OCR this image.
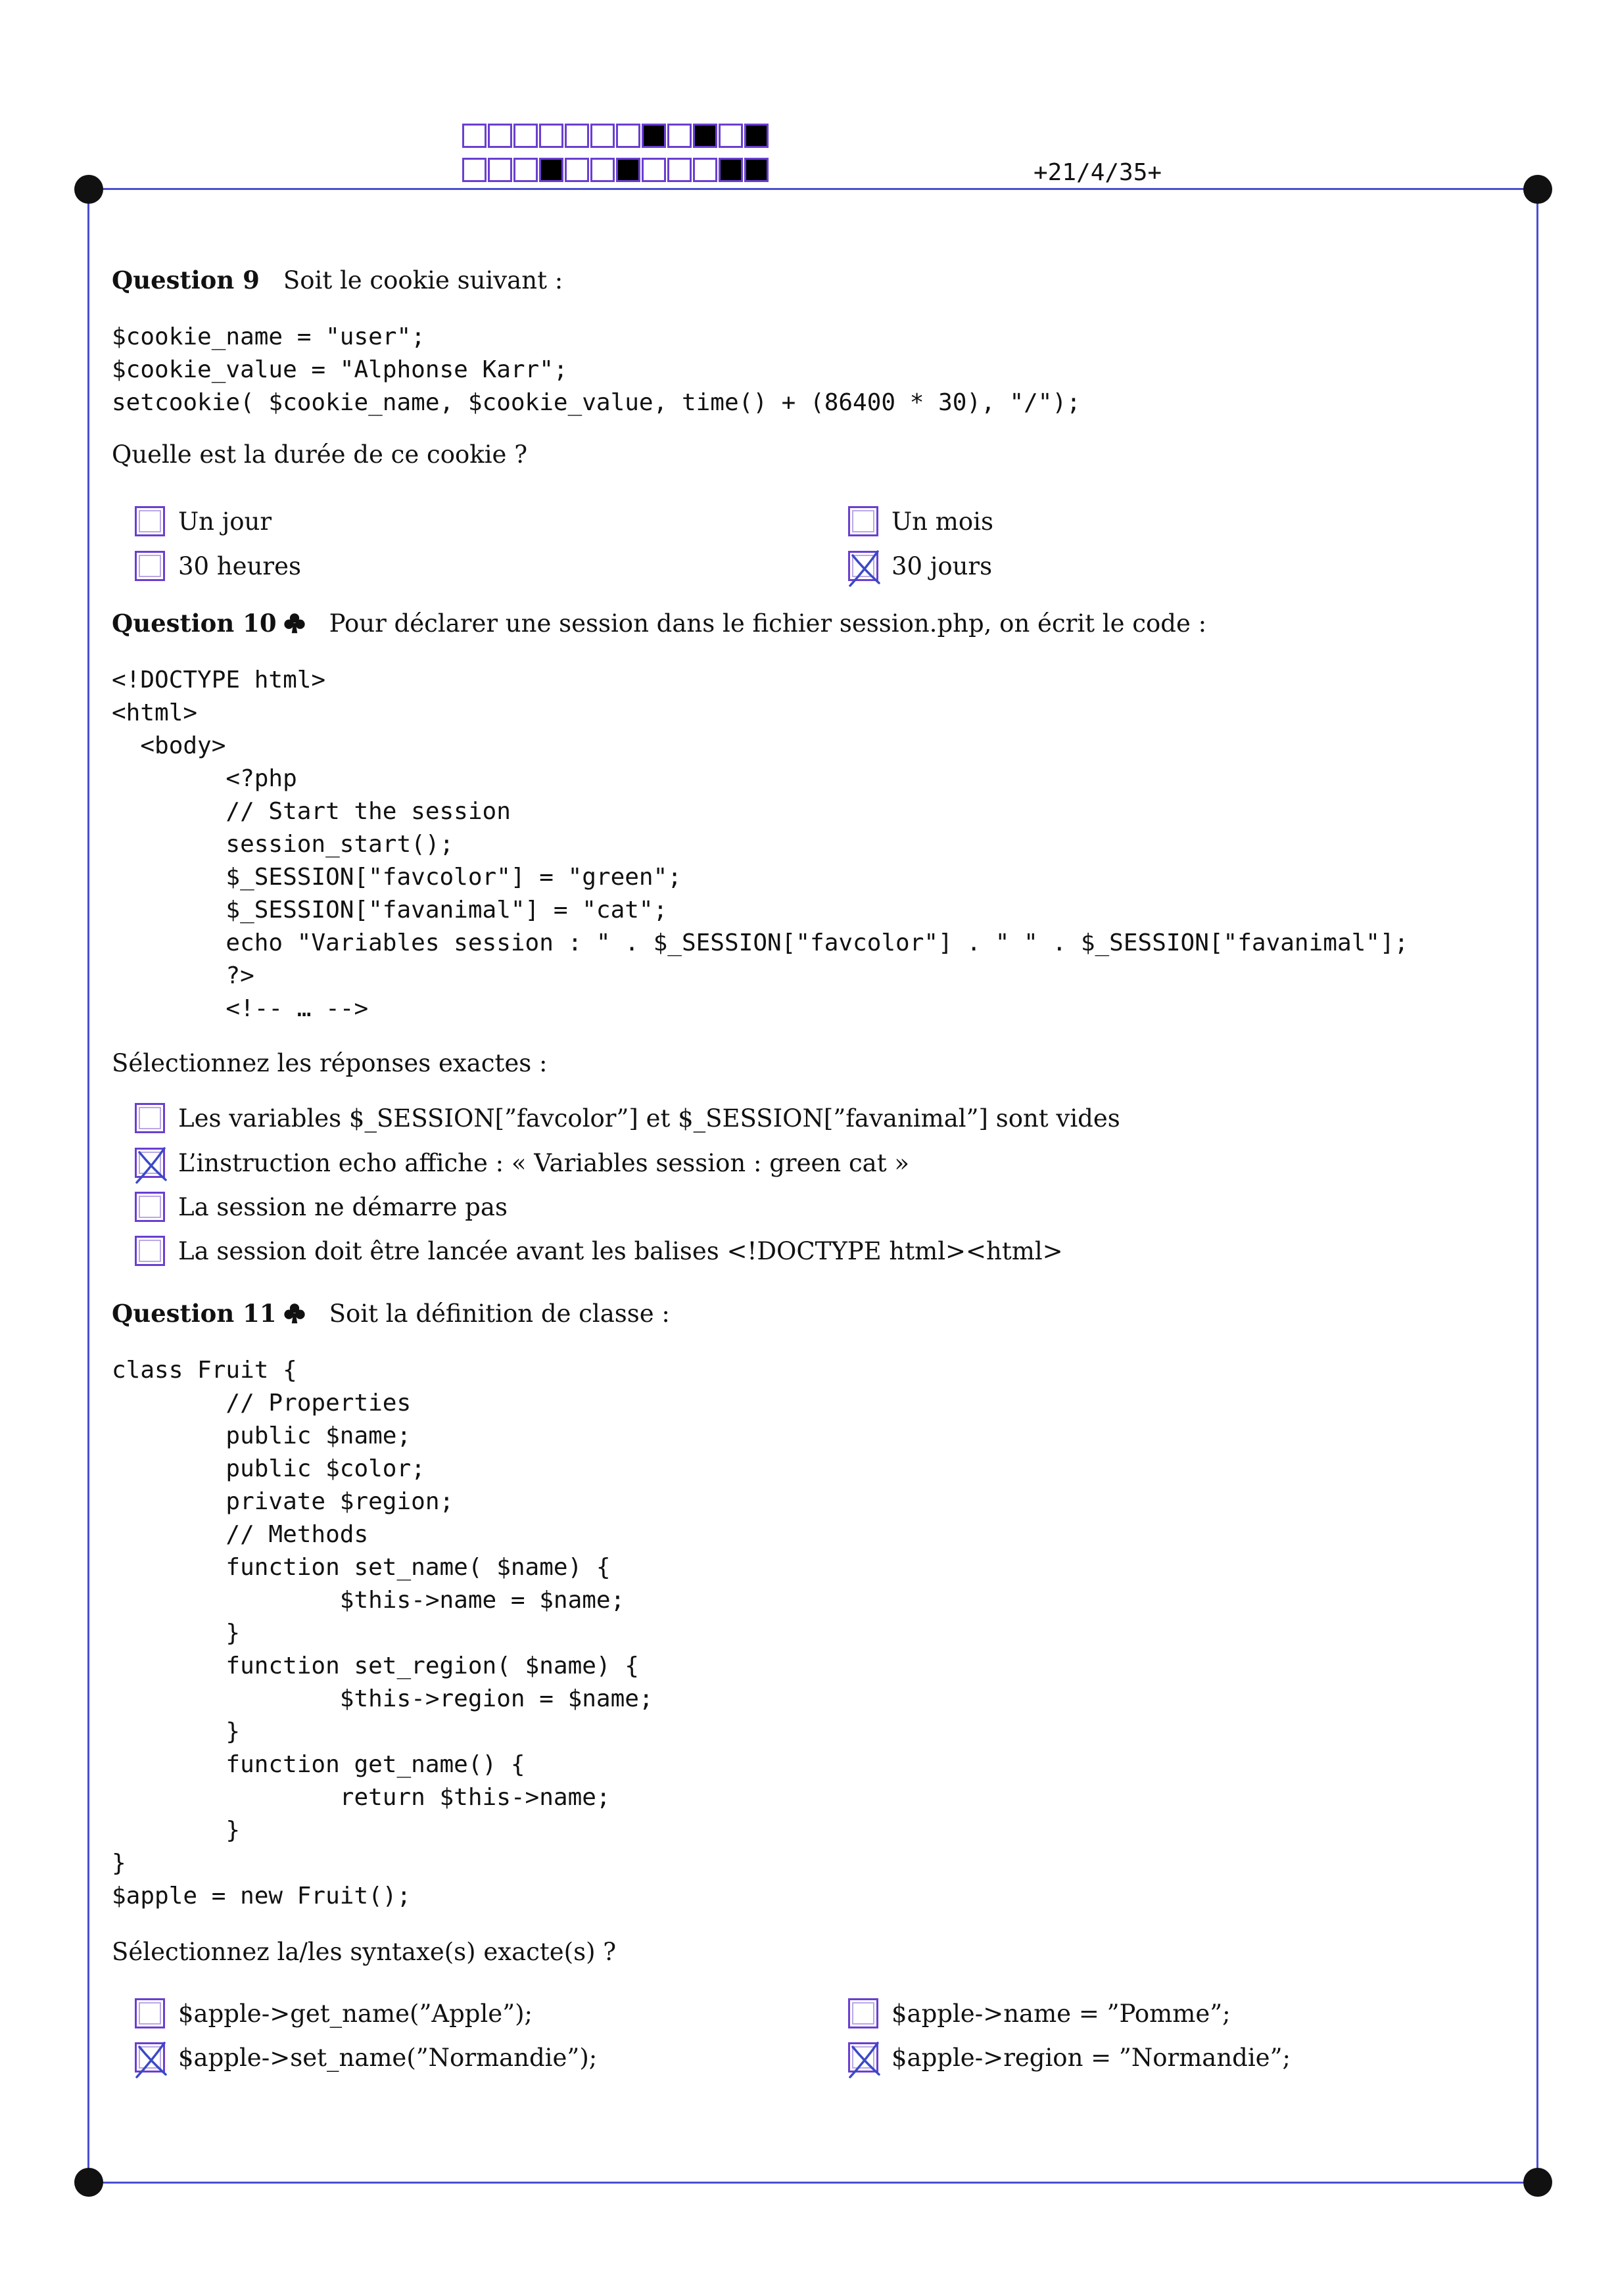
+21/4/35+
Question 9 Soit le cookie suivant :
$cookie_name = "user";
$cookie_value = "Alphonse Karr";
setcookie( $cookie_name, $cookie_value, time() + (86400 * 30), "/");
Quelle est la durée de ce cookie ?
Un jour	Un mois
30 heures	30 jours
Question 10 Pour déclarer une session dans le fichier session.php, on écrit le code :
<!DOCTYPE html>
<html>
<body>
<?php
// Start the session
session_start();
$_SESSION["favcolor"] = "green";
$_SESSION["favanimal"] = "cat";
echo "Variables session : " . $_SESSION["favcolor"] . " " . $_SESSION["favanimal"];
?>
<!-- … -->
Sélectionnez les réponses exactes :
Les variables $_SESSION[”favcolor”] et $_SESSION[”favanimal”] sont vides
L’instruction echo affiche : « Variables session : green cat »
La session ne démarre pas
La session doit être lancée avant les balises <!DOCTYPE html><html>
Question 11 Soit la définition de classe :
class Fruit {
// Properties
public $name;
public $color;
private $region;
// Methods
function set_name( $name) {
$this->name = $name;
}
function set_region( $name) {
$this->region = $name;
}
function get_name() {
return $this->name;
}
}
$apple = new Fruit();
Sélectionnez la/les syntaxe(s) exacte(s) ?
$apple->get_name(”Apple”);	$apple->name = ”Pomme”;
$apple->set_name(”Normandie”);	$apple->region = ”Normandie”;
